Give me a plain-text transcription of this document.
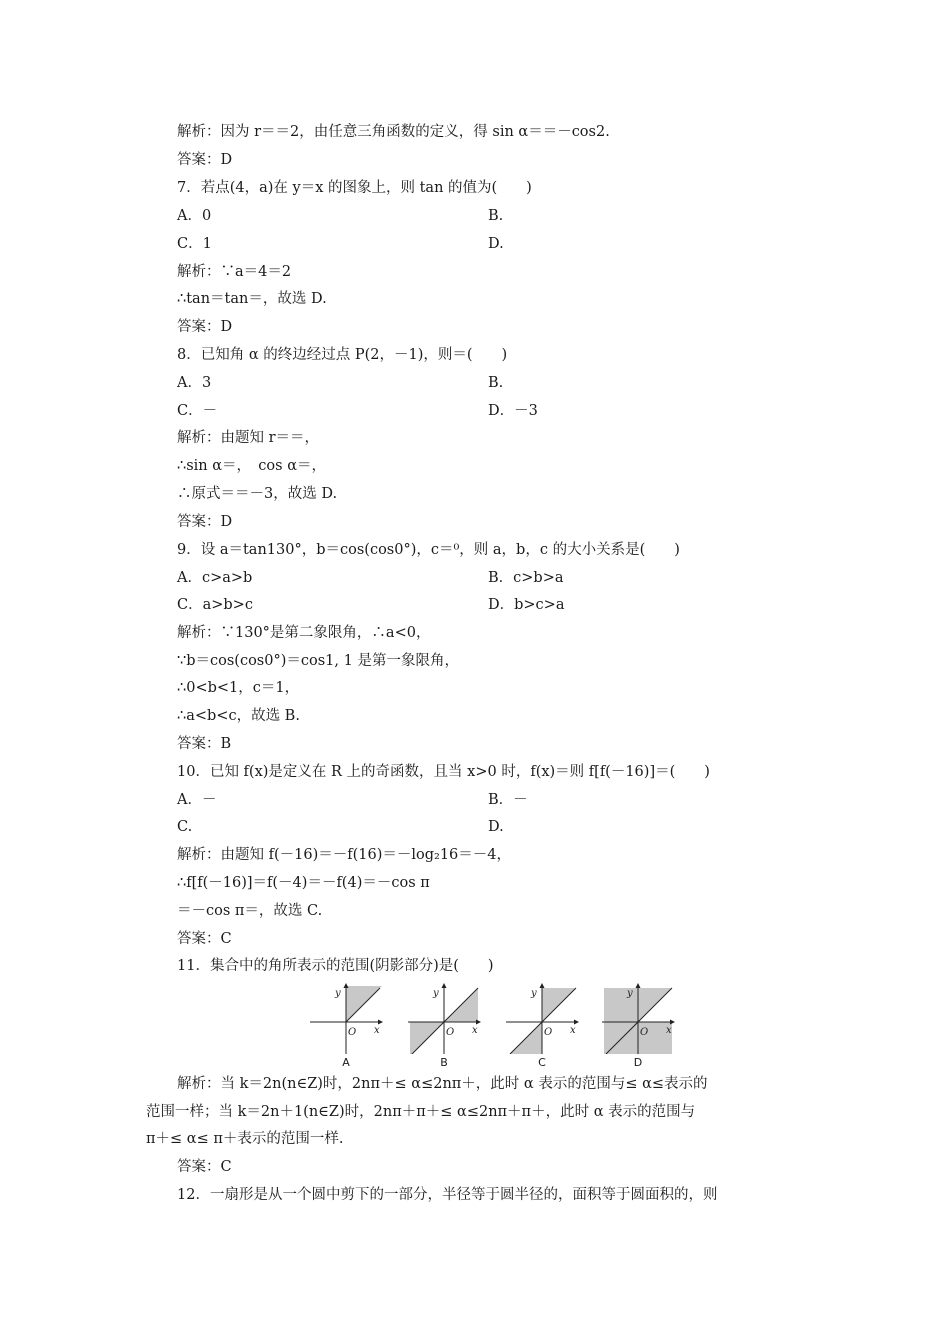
解析：因为 r＝＝2，由任意三角函数的定义，得 sin α＝＝－cos2.
答案：D
7．若点(4，a)在 y＝x 的图象上，则 tan 的值为(　　)
A．0	B.
C．1	D.
解析：∵a＝4＝2
∴tan＝tan＝，故选 D.
答案：D
8．已知角 α 的终边经过点 P(2，－1)，则＝(　　)
A．3	B.
C．－	D．－3
解析：由题知 r＝＝，
∴sin α＝，　cos α＝，
∴原式＝＝－3，故选 D.
答案：D
9．设 a＝tan130°，b＝cos(cos0°)，c＝⁰，则 a，b，c 的大小关系是(　　)
A．c>a>b	B．c>b>a
C．a>b>c	D．b>c>a
解析：∵130°是第二象限角，∴a<0，
∵b＝cos(cos0°)＝cos1, 1 是第一象限角，
∴0<b<1，c＝1，
∴a<b<c，故选 B.
答案：B
10．已知 f(x)是定义在 R 上的奇函数，且当 x>0 时，f(x)＝则 f[f(－16)]＝(　　)
A．－	B．－
C.	D.
解析：由题知 f(－16)＝－f(16)＝－log₂16＝－4，
∴f[f(－16)]＝f(－4)＝－f(4)＝－cos π
＝－cos π＝，故选 C.
答案：C
11．集合中的角所表示的范围(阴影部分)是(　　)
y
x
O
A
y
x
O
B
y
x
O
C
y
x
O
D
解析：当 k＝2n(n∈Z)时，2nπ＋≤ α≤2nπ＋，此时 α 表示的范围与≤ α≤表示的
范围一样；当 k＝2n＋1(n∈Z)时，2nπ＋π＋≤ α≤2nπ＋π＋，此时 α 表示的范围与
π＋≤ α≤ π＋表示的范围一样.
答案：C
12．一扇形是从一个圆中剪下的一部分，半径等于圆半径的，面积等于圆面积的，则
